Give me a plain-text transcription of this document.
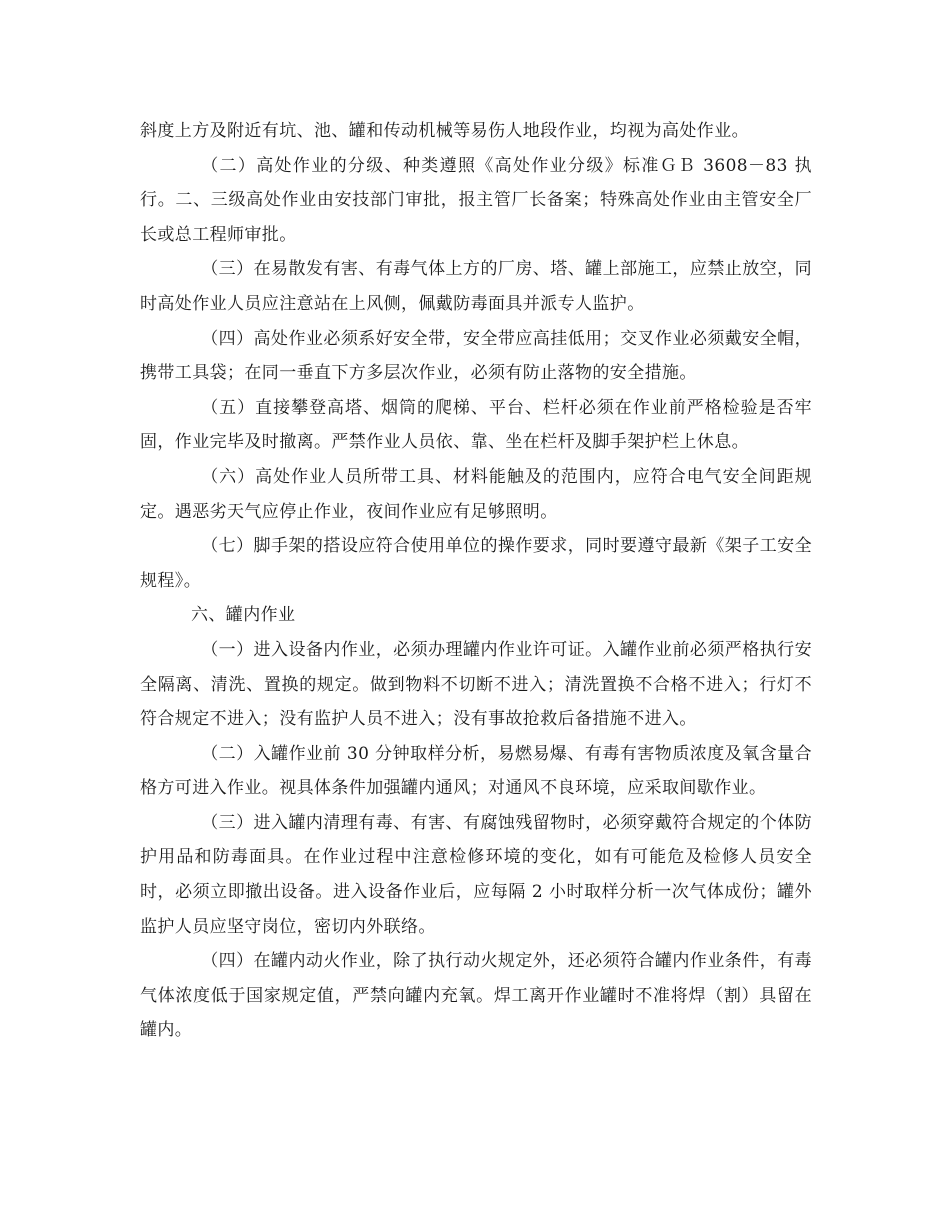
斜度上方及附近有坑、池、罐和传动机械等易伤人地段作业，均视为高处作业。

（二）高处作业的分级、种类遵照《高处作业分级》标准ＧＢ 3608－83 执行。二、三级高处作业由安技部门审批，报主管厂长备案；特殊高处作业由主管安全厂长或总工程师审批。

（三）在易散发有害、有毒气体上方的厂房、塔、罐上部施工，应禁止放空，同时高处作业人员应注意站在上风侧，佩戴防毒面具并派专人监护。

（四）高处作业必须系好安全带，安全带应高挂低用；交叉作业必须戴安全帽，携带工具袋；在同一垂直下方多层次作业，必须有防止落物的安全措施。

（五）直接攀登高塔、烟筒的爬梯、平台、栏杆必须在作业前严格检验是否牢固，作业完毕及时撤离。严禁作业人员依、靠、坐在栏杆及脚手架护栏上休息。

（六）高处作业人员所带工具、材料能触及的范围内，应符合电气安全间距规定。遇恶劣天气应停止作业，夜间作业应有足够照明。

（七）脚手架的搭设应符合使用单位的操作要求，同时要遵守最新《架子工安全规程》。

六、罐内作业

（一）进入设备内作业，必须办理罐内作业许可证。入罐作业前必须严格执行安全隔离、清洗、置换的规定。做到物料不切断不进入；清洗置换不合格不进入；行灯不符合规定不进入；没有监护人员不进入；没有事故抢救后备措施不进入。

（二）入罐作业前 30 分钟取样分析，易燃易爆、有毒有害物质浓度及氧含量合格方可进入作业。视具体条件加强罐内通风；对通风不良环境，应采取间歇作业。

（三）进入罐内清理有毒、有害、有腐蚀残留物时，必须穿戴符合规定的个体防护用品和防毒面具。在作业过程中注意检修环境的变化，如有可能危及检修人员安全时，必须立即撤出设备。进入设备作业后，应每隔 2 小时取样分析一次气体成份；罐外监护人员应坚守岗位，密切内外联络。

（四）在罐内动火作业，除了执行动火规定外，还必须符合罐内作业条件，有毒气体浓度低于国家规定值，严禁向罐内充氧。焊工离开作业罐时不准将焊（割）具留在罐内。
